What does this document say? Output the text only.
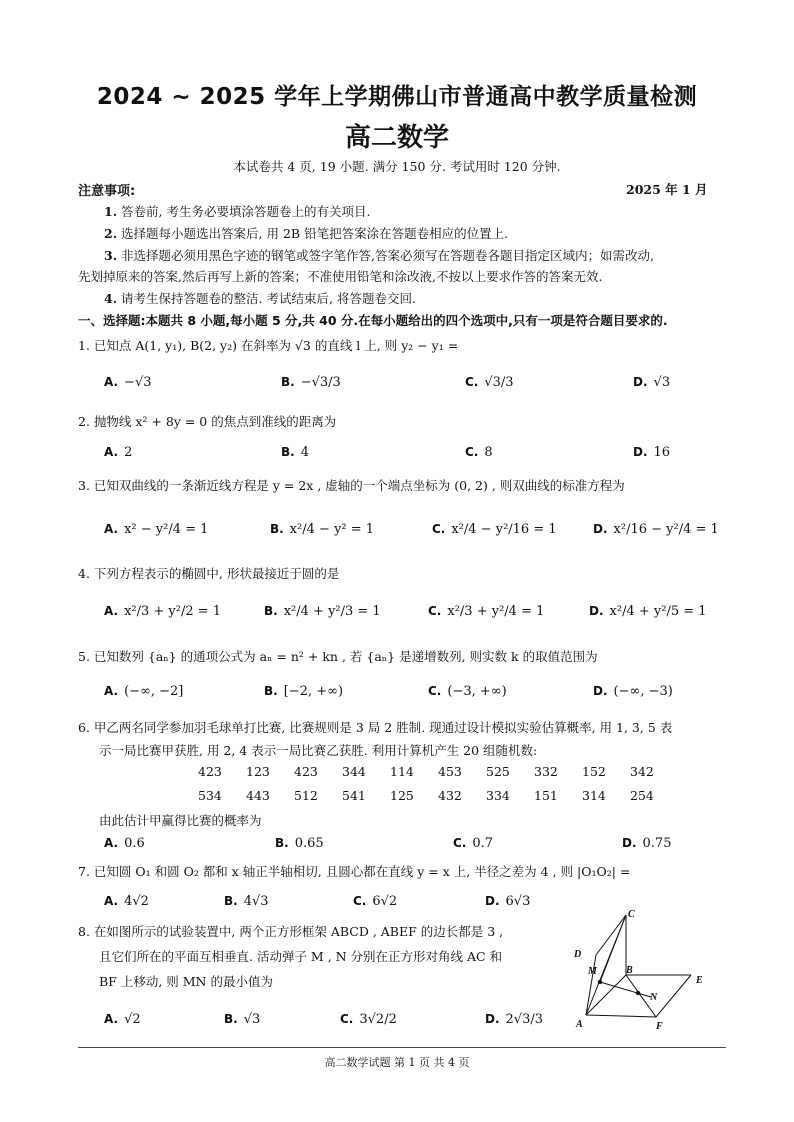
2024 ~ 2025 学年上学期佛山市普通高中教学质量检测
高二数学
本试卷共 4 页, 19 小题. 满分 150 分. 考试用时 120 分钟.
注意事项:	2025 年 1 月
1. 答卷前, 考生务必要填涂答题卷上的有关项目.
2. 选择题每小题选出答案后, 用 2B 铅笔把答案涂在答题卷相应的位置上.
3. 非选择题必须用黑色字迹的钢笔或签字笔作答,答案必须写在答题卷各题目指定区域内；如需改动,
先划掉原来的答案,然后再写上新的答案；不准使用铅笔和涂改液,不按以上要求作答的答案无效.
4. 请考生保持答题卷的整洁. 考试结束后, 将答题卷交回.
一、选择题:本题共 8 小题,每小题 5 分,共 40 分.在每小题给出的四个选项中,只有一项是符合题目要求的.
1. 已知点 A(1, y₁), B(2, y₂) 在斜率为 √3 的直线 l 上, 则 y₂ − y₁ =
A. −√3	B. −√3/3	C. √3/3	D. √3
2. 抛物线 x² + 8y = 0 的焦点到准线的距离为
A. 2	B. 4	C. 8	D. 16
3. 已知双曲线的一条渐近线方程是 y = 2x , 虚轴的一个端点坐标为 (0, 2) , 则双曲线的标准方程为
A. x² − y²/4 = 1	B. x²/4 − y² = 1	C. x²/4 − y²/16 = 1	D. x²/16 − y²/4 = 1
4. 下列方程表示的椭圆中, 形状最接近于圆的是
A. x²/3 + y²/2 = 1	B. x²/4 + y²/3 = 1	C. x²/3 + y²/4 = 1	D. x²/4 + y²/5 = 1
5. 已知数列 {aₙ} 的通项公式为 aₙ = n² + kn , 若 {aₙ} 是递增数列, 则实数 k 的取值范围为
A. (−∞, −2]	B. [−2, +∞)	C. (−3, +∞)	D. (−∞, −3)
6. 甲乙两名同学参加羽毛球单打比赛, 比赛规则是 3 局 2 胜制. 现通过设计模拟实验估算概率, 用 1, 3, 5 表
示一局比赛甲获胜, 用 2, 4 表示一局比赛乙获胜. 利用计算机产生 20 组随机数:
423 123 423 344 114 453 525 332 152 342
534 443 512 541 125 432 334 151 314 254
由此估计甲赢得比赛的概率为
A. 0.6	B. 0.65	C. 0.7	D. 0.75
7. 已知圆 O₁ 和圆 O₂ 都和 x 轴正半轴相切, 且圆心都在直线 y = x 上, 半径之差为 4 , 则 |O₁O₂| =
A. 4√2	B. 4√3	C. 6√2	D. 6√3
8. 在如图所示的试验装置中, 两个正方形框架 ABCD , ABEF 的边长都是 3 ,
且它们所在的平面互相垂直. 活动弹子 M , N 分别在正方形对角线 AC 和
BF 上移动, 则 MN 的最小值为
A. √2	B. √3	C. 3√2/2	D. 2√3/3
C
D
M	B
E
N
A	F
高二数学试题 第 1 页 共 4 页
